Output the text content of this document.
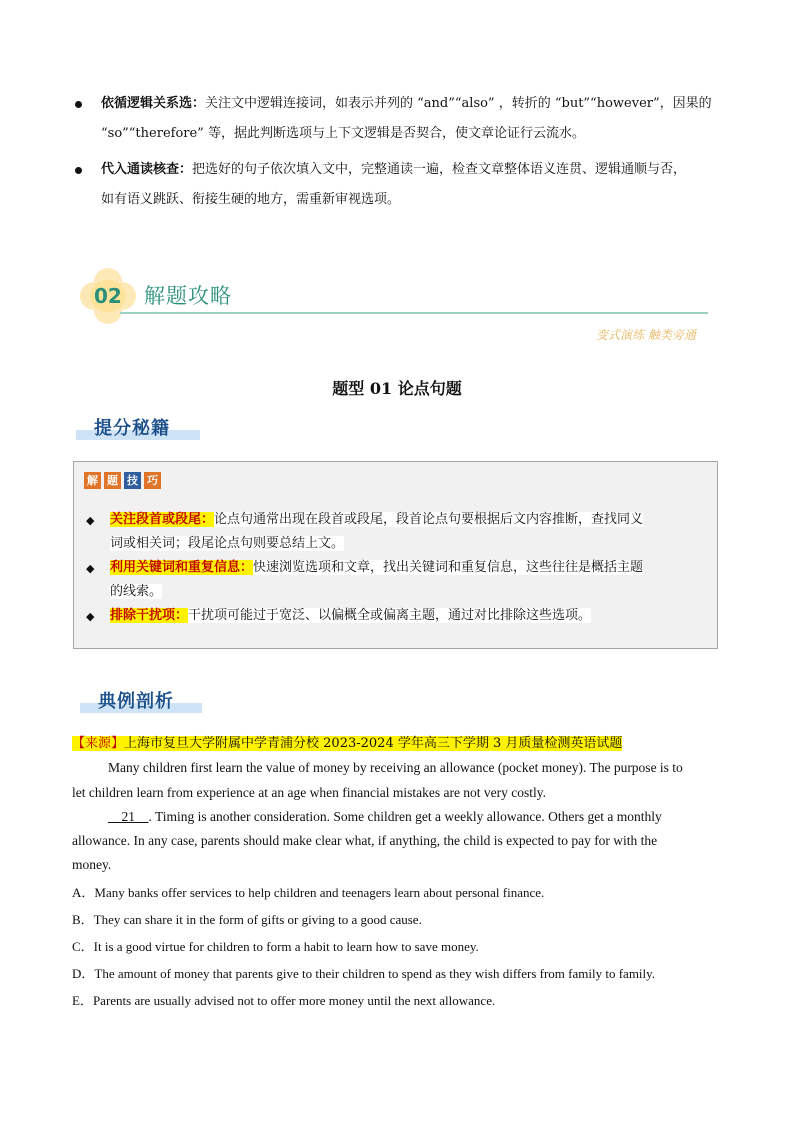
依循逻辑关系选：关注文中逻辑连接词，如表示并列的 “and”“also” ，转折的 “but”“however”，因果的
“so”“therefore” 等，据此判断选项与上下文逻辑是否契合，使文章论证行云流水。
代入通读核查：把选好的句子依次填入文中，完整通读一遍，检查文章整体语义连贯、逻辑通顺与否，
如有语义跳跃、衔接生硬的地方，需重新审视选项。
02 解题攻略
变式演练 触类旁通
题型 01 论点句题
提分秘籍
解 题 技 巧
◆ 关注段首或段尾：论点句通常出现在段首或段尾，段首论点句要根据后文内容推断，查找同义
词或相关词；段尾论点句则要总结上文。
◆ 利用关键词和重复信息：快速浏览选项和文章，找出关键词和重复信息，这些往往是概括主题
的线索。
◆ 排除干扰项：干扰项可能过于宽泛、以偏概全或偏离主题，通过对比排除这些选项。
典例剖析
【来源】上海市复旦大学附属中学青浦分校 2023-2024 学年高三下学期 3 月质量检测英语试题
Many children first learn the value of money by receiving an allowance (pocket money). The purpose is to
let children learn from experience at an age when financial mistakes are not very costly.
21    . Timing is another consideration. Some children get a weekly allowance. Others get a monthly
allowance. In any case, parents should make clear what, if anything, the child is expected to pay for with the
money.
A．Many banks offer services to help children and teenagers learn about personal finance.
B．They can share it in the form of gifts or giving to a good cause.
C．It is a good virtue for children to form a habit to learn how to save money.
D．The amount of money that parents give to their children to spend as they wish differs from family to family.
E．Parents are usually advised not to offer more money until the next allowance.
